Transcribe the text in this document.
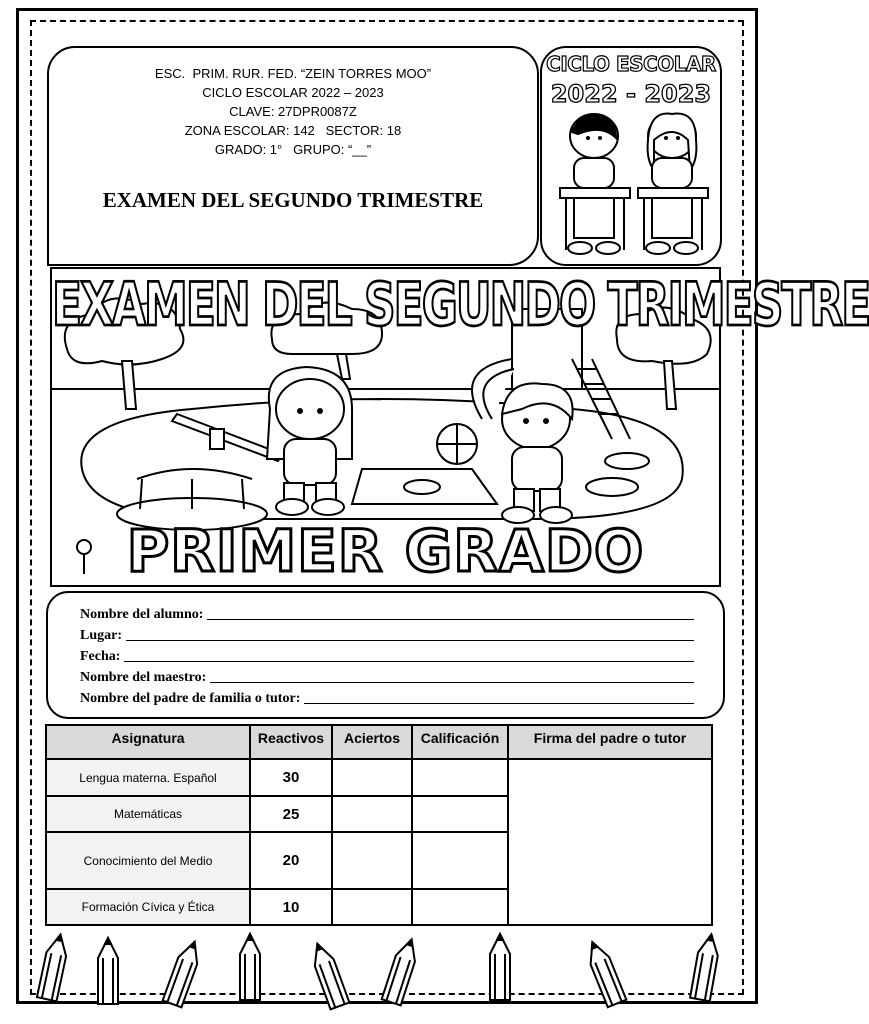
ESC.  PRIM. RUR. FED. “ZEIN TORRES MOO”
CICLO ESCOLAR 2022 – 2023
CLAVE: 27DPR0087Z
ZONA ESCOLAR: 142   SECTOR: 18
GRADO: 1°   GRUPO: “__”
EXAMEN DEL SEGUNDO TRIMESTRE
CICLO ESCOLAR
2022 - 2023
EXAMEN DEL SEGUNDO TRIMESTRE
PRIMER GRADO
Nombre del alumno:
Lugar:
Fecha:
Nombre del maestro:
Nombre del padre de familia o tutor:
Asignatura	Reactivos	Aciertos	Calificación	Firma del padre o tutor
Lengua materna. Español	30			
Matemáticas	25			
Conocimiento del Medio	20			
Formación Cívica y Ética	10			
